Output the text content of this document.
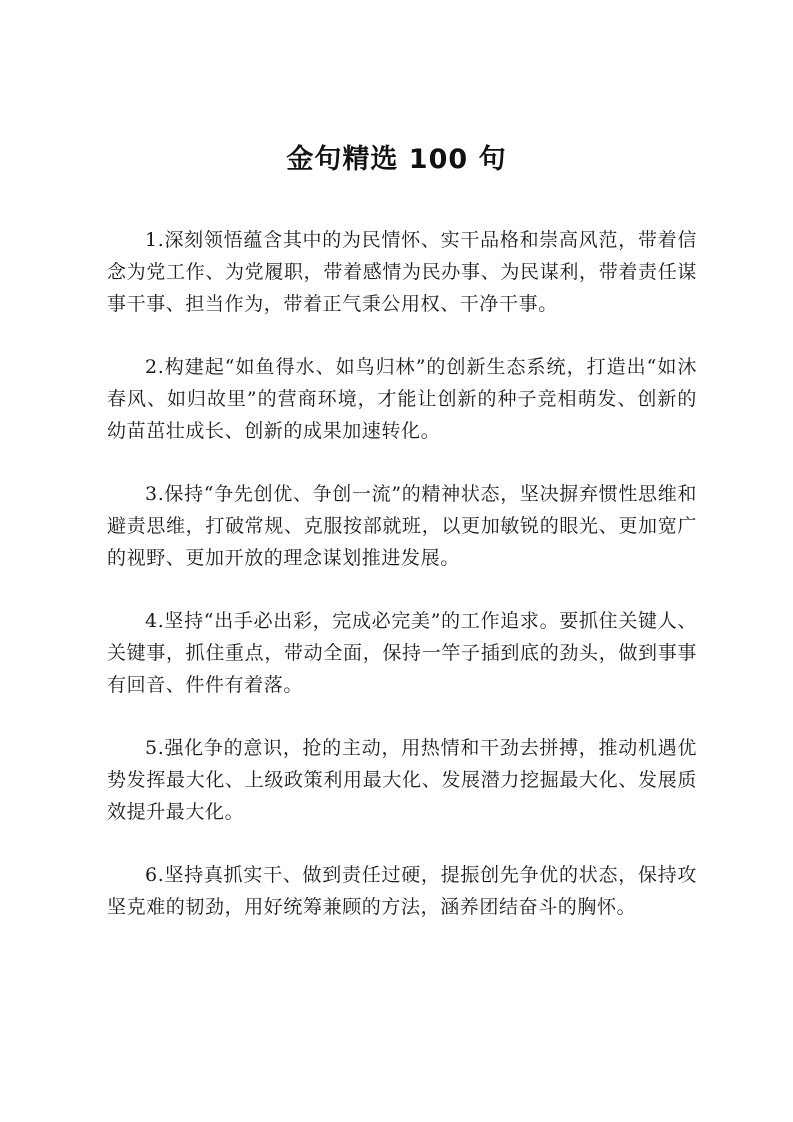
金句精选 100 句

1.深刻领悟蕴含其中的为民情怀、实干品格和崇高风范，带着信念为党工作、为党履职，带着感情为民办事、为民谋利，带着责任谋事干事、担当作为，带着正气秉公用权、干净干事。

2.构建起“如鱼得水、如鸟归林”的创新生态系统，打造出“如沐春风、如归故里”的营商环境，才能让创新的种子竞相萌发、创新的幼苗茁壮成长、创新的成果加速转化。

3.保持“争先创优、争创一流”的精神状态，坚决摒弃惯性思维和避责思维，打破常规、克服按部就班，以更加敏锐的眼光、更加宽广的视野、更加开放的理念谋划推进发展。

4.坚持“出手必出彩，完成必完美”的工作追求。要抓住关键人、关键事，抓住重点，带动全面，保持一竿子插到底的劲头，做到事事有回音、件件有着落。

5.强化争的意识，抢的主动，用热情和干劲去拼搏，推动机遇优势发挥最大化、上级政策利用最大化、发展潜力挖掘最大化、发展质效提升最大化。

6.坚持真抓实干、做到责任过硬，提振创先争优的状态，保持攻坚克难的韧劲，用好统筹兼顾的方法，涵养团结奋斗的胸怀。
